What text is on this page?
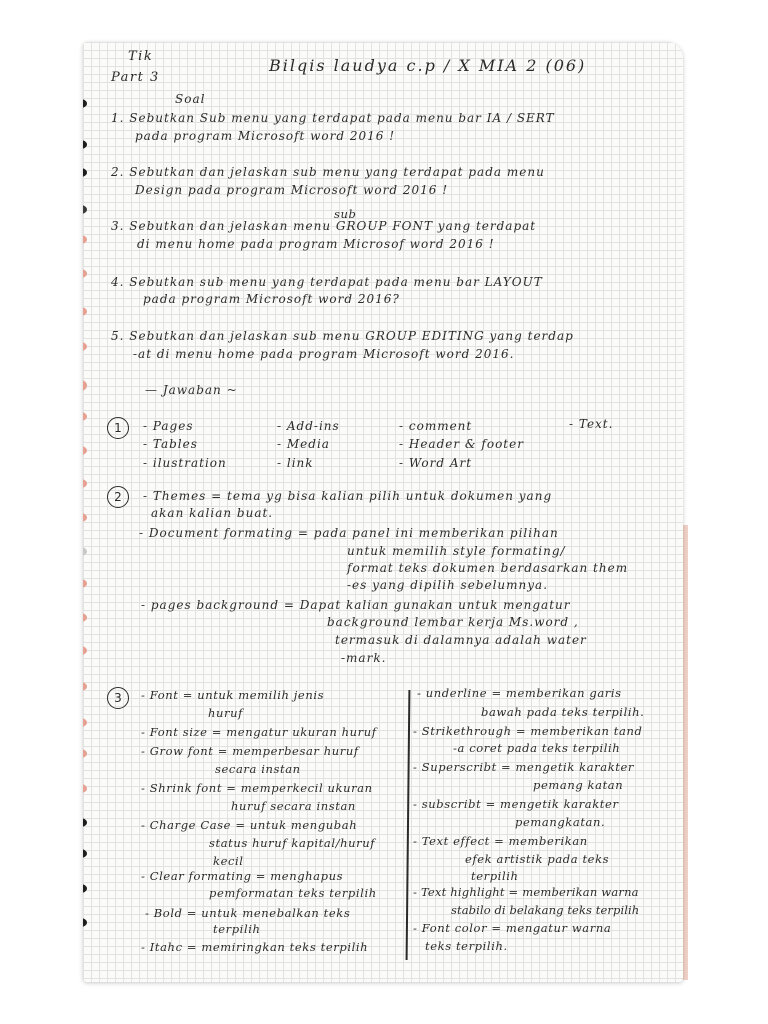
Tik
Part 3
Bilqis laudya c.p / X MIA 2 (06)
Soal
1. Sebutkan Sub menu yang terdapat pada menu bar IA / SERT
pada program Microsoft word 2016 !
2. Sebutkan dan jelaskan sub menu yang terdapat pada menu
Design pada program Microsoft word 2016 !
sub
3. Sebutkan dan jelaskan menu GROUP FONT yang terdapat
di menu home pada program Microsof word 2016 !
4. Sebutkan sub menu yang terdapat pada menu bar LAYOUT
pada program Microsoft word 2016?
5. Sebutkan dan jelaskan sub menu GROUP EDITING yang terdap
-at di menu home pada program Microsoft word 2016.
— Jawaban ~
1	- Pages	- Add-ins	- comment	- Text.
- Tables	- Media	- Header & footer
- ilustration	- link	- Word Art
2	- Themes = tema yg bisa kalian pilih untuk dokumen yang
akan kalian buat.
- Document formating = pada panel ini memberikan pilihan
untuk memilih style formating/
format teks dokumen berdasarkan them
-es yang dipilih sebelumnya.
- pages background = Dapat kalian gunakan untuk mengatur
background lembar kerja Ms.word ,
termasuk di dalamnya adalah water
-mark.
3	- Font = untuk memilih jenis
huruf
- Font size = mengatur ukuran huruf
- Grow font = memperbesar huruf
secara instan
- Shrink font = memperkecil ukuran
huruf secara instan
- Charge Case = untuk mengubah
status huruf kapital/huruf
kecil
- Clear formating = menghapus
pemformatan teks terpilih
- Bold = untuk menebalkan teks
terpilih
- Itahc = memiringkan teks terpilih
- underline = memberikan garis
bawah pada teks terpilih.
- Strikethrough = memberikan tand
-a coret pada teks terpilih
- Superscribt = mengetik karakter
pemang katan
- subscribt = mengetik karakter
pemangkatan.
- Text effect = memberikan
efek artistik pada teks
terpilih
- Text highlight = memberikan warna
stabilo di belakang teks terpilih
- Font color = mengatur warna
teks terpilih.
